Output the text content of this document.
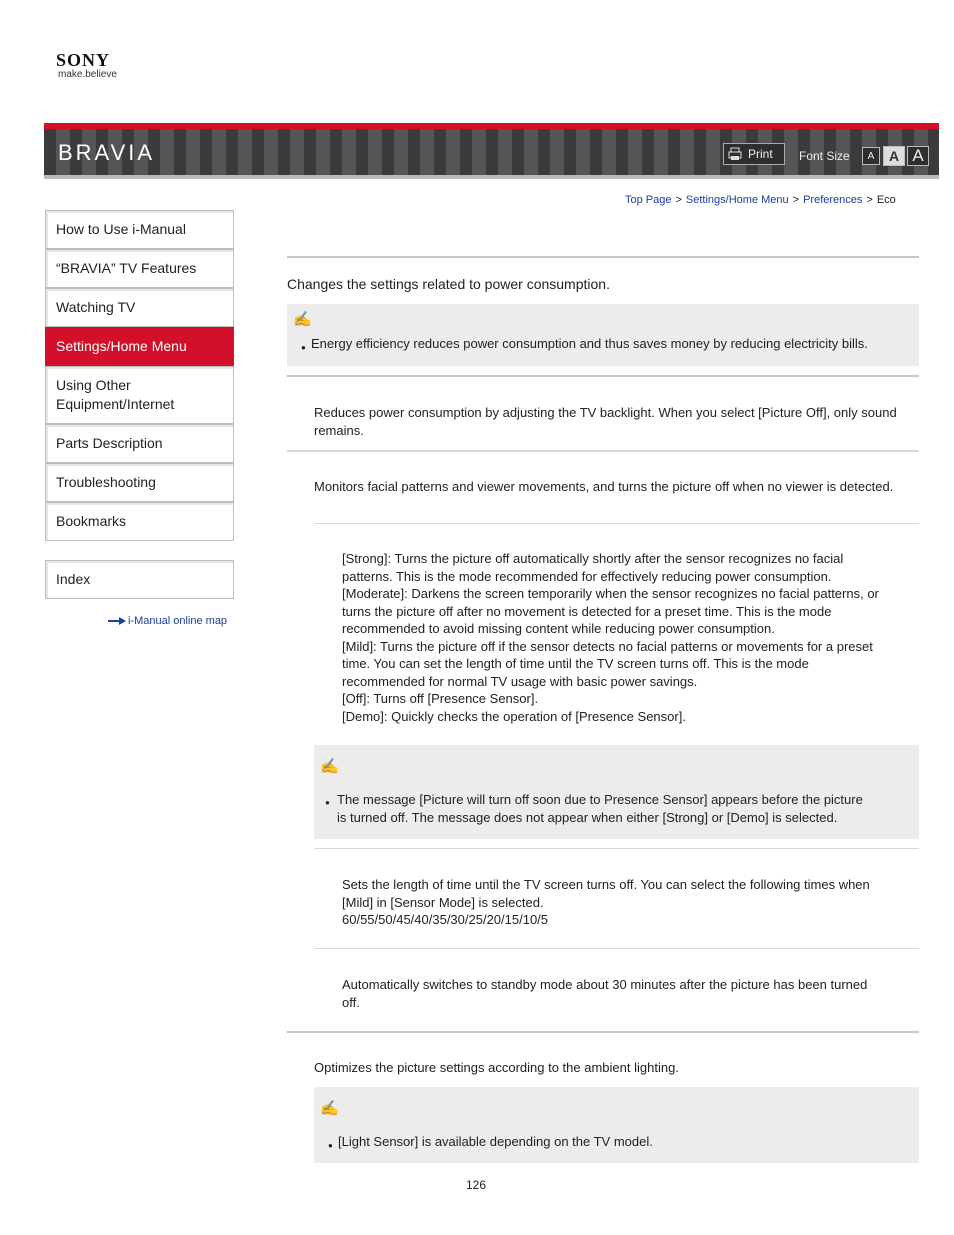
SONY
make.believe
BRAVIA	Print Font Size	A	A A
Top Page > Settings/Home Menu > Preferences > Eco
How to Use i-Manual
“BRAVIA” TV Features
Watching TV
Settings/Home Menu
Using Other Equipment/Internet
Parts Description
Troubleshooting
Bookmarks
Index
i-Manual online map
Changes the settings related to power consumption.
✍
● Energy efficiency reduces power consumption and thus saves money by reducing electricity bills.
Reduces power consumption by adjusting the TV backlight. When you select [Picture Off], only sound remains.
Monitors facial patterns and viewer movements, and turns the picture off when no viewer is detected.
[Strong]: Turns the picture off automatically shortly after the sensor recognizes no facial
patterns. This is the mode recommended for effectively reducing power consumption.
[Moderate]: Darkens the screen temporarily when the sensor recognizes no facial patterns, or
turns the picture off after no movement is detected for a preset time. This is the mode
recommended to avoid missing content while reducing power consumption.
[Mild]: Turns the picture off if the sensor detects no facial patterns or movements for a preset
time. You can set the length of time until the TV screen turns off. This is the mode
recommended for normal TV usage with basic power savings.
[Off]: Turns off [Presence Sensor].
[Demo]: Quickly checks the operation of [Presence Sensor].
✍
● The message [Picture will turn off soon due to Presence Sensor] appears before the picture
is turned off. The message does not appear when either [Strong] or [Demo] is selected.
Sets the length of time until the TV screen turns off. You can select the following times when
[Mild] in [Sensor Mode] is selected.
60/55/50/45/40/35/30/25/20/15/10/5
Automatically switches to standby mode about 30 minutes after the picture has been turned
off.
Optimizes the picture settings according to the ambient lighting.
✍
● [Light Sensor] is available depending on the TV model.
126
